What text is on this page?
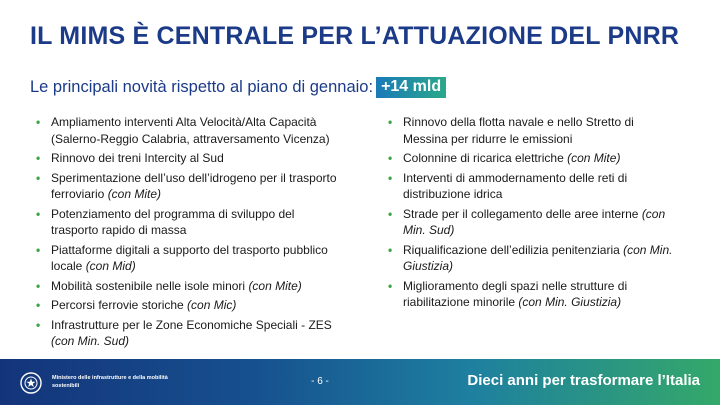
IL MIMS È CENTRALE PER L’ATTUAZIONE DEL PNRR
Le principali novità rispetto al piano di gennaio: +14 mld
• Ampliamento interventi Alta Velocità/Alta Capacità
(Salerno-Reggio Calabria, attraversamento Vicenza)
• Rinnovo dei treni Intercity al Sud
• Sperimentazione dell’uso dell’idrogeno per il trasporto
ferroviario (con Mite)
• Potenziamento del programma di sviluppo del
trasporto rapido di massa
• Piattaforme digitali a supporto del trasporto pubblico
locale (con Mid)
• Mobilità sostenibile nelle isole minori (con Mite)
• Percorsi ferrovie storiche (con Mic)
• Infrastrutture per le Zone Economiche Speciali - ZES
(con Min. Sud)
• Rinnovo della flotta navale e nello Stretto di
Messina per ridurre le emissioni
• Colonnine di ricarica elettriche (con Mite)
• Interventi di ammodernamento delle reti di
distribuzione idrica
• Strade per il collegamento delle aree interne (con
Min. Sud)
• Riqualificazione dell’edilizia penitenziaria (con Min.
Giustizia)
• Miglioramento degli spazi nelle strutture di
riabilitazione minorile (con Min. Giustizia)
Ministero delle infrastrutture e della mobilità sostenibili	- 6 -	Dieci anni per trasformare l’Italia
